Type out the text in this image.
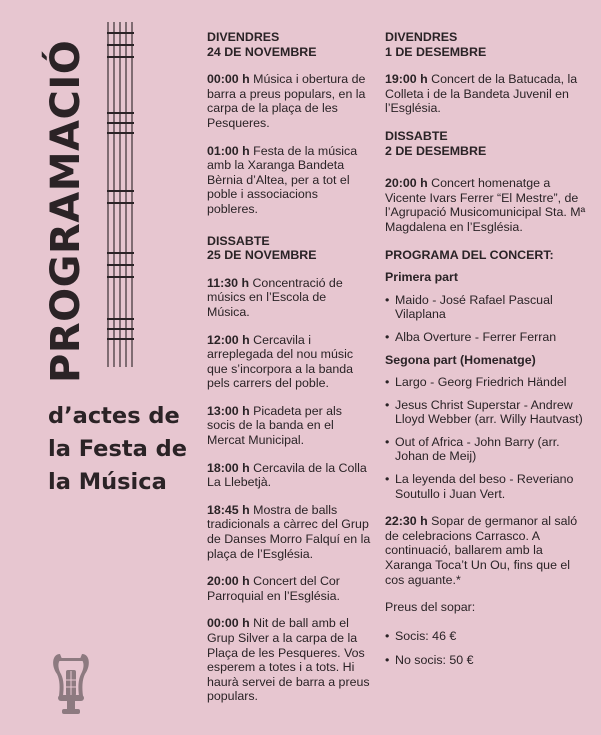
PROGRAMACIÓ
d’actes de
la Festa de
la Música
DIVENDRES
24 DE NOVEMBRE
00:00 h Música i obertura de barra a preus populars, en la carpa de la plaça de les Pesqueres.
01:00 h Festa de la música amb la Xaranga Bandeta Bèrnia d’Altea, per a tot el poble i associacions pobleres.
DISSABTE
25 DE NOVEMBRE
11:30 h Concentració de músics en l’Escola de Música.
12:00 h Cercavila i arreplegada del nou músic que s’incorpora a la banda pels carrers del poble.
13:00 h Picadeta per als socis de la banda en el Mercat Municipal.
18:00 h Cercavila de la Colla La Llebetjà.
18:45 h Mostra de balls tradicionals a càrrec del Grup de Danses Morro Falquí en la plaça de l’Església.
20:00 h Concert del Cor Parroquial en l’Església.
00:00 h Nit de ball amb el Grup Silver a la carpa de la Plaça de les Pesqueres. Vos esperem a totes i a tots. Hi haurà servei de barra a preus populars.
DIVENDRES
1 DE DESEMBRE
19:00 h Concert de la Batucada, la Colleta i de la Bandeta Juvenil en l’Església.
DISSABTE
2 DE DESEMBRE
20:00 h Concert homenatge a Vicente Ivars Ferrer “El Mestre”, de l’Agrupació Musicomunicipal Sta. Mª Magdalena en l’Església.
PROGRAMA DEL CONCERT:
Primera part
• Maido - José Rafael Pascual Vilaplana
• Alba Overture - Ferrer Ferran
Segona part (Homenatge)
• Largo - Georg Friedrich Händel
• Jesus Christ Superstar - Andrew Lloyd Webber (arr. Willy Hautvast)
• Out of Africa - John Barry (arr. Johan de Meij)
• La leyenda del beso - Reveriano Soutullo i Juan Vert.
22:30 h Sopar de germanor al saló de celebracions Carrasco. A continuació, ballarem amb la Xaranga Toca’t Un Ou, fins que el cos aguante.*
Preus del sopar:
• Socis: 46 €
• No socis: 50 €
